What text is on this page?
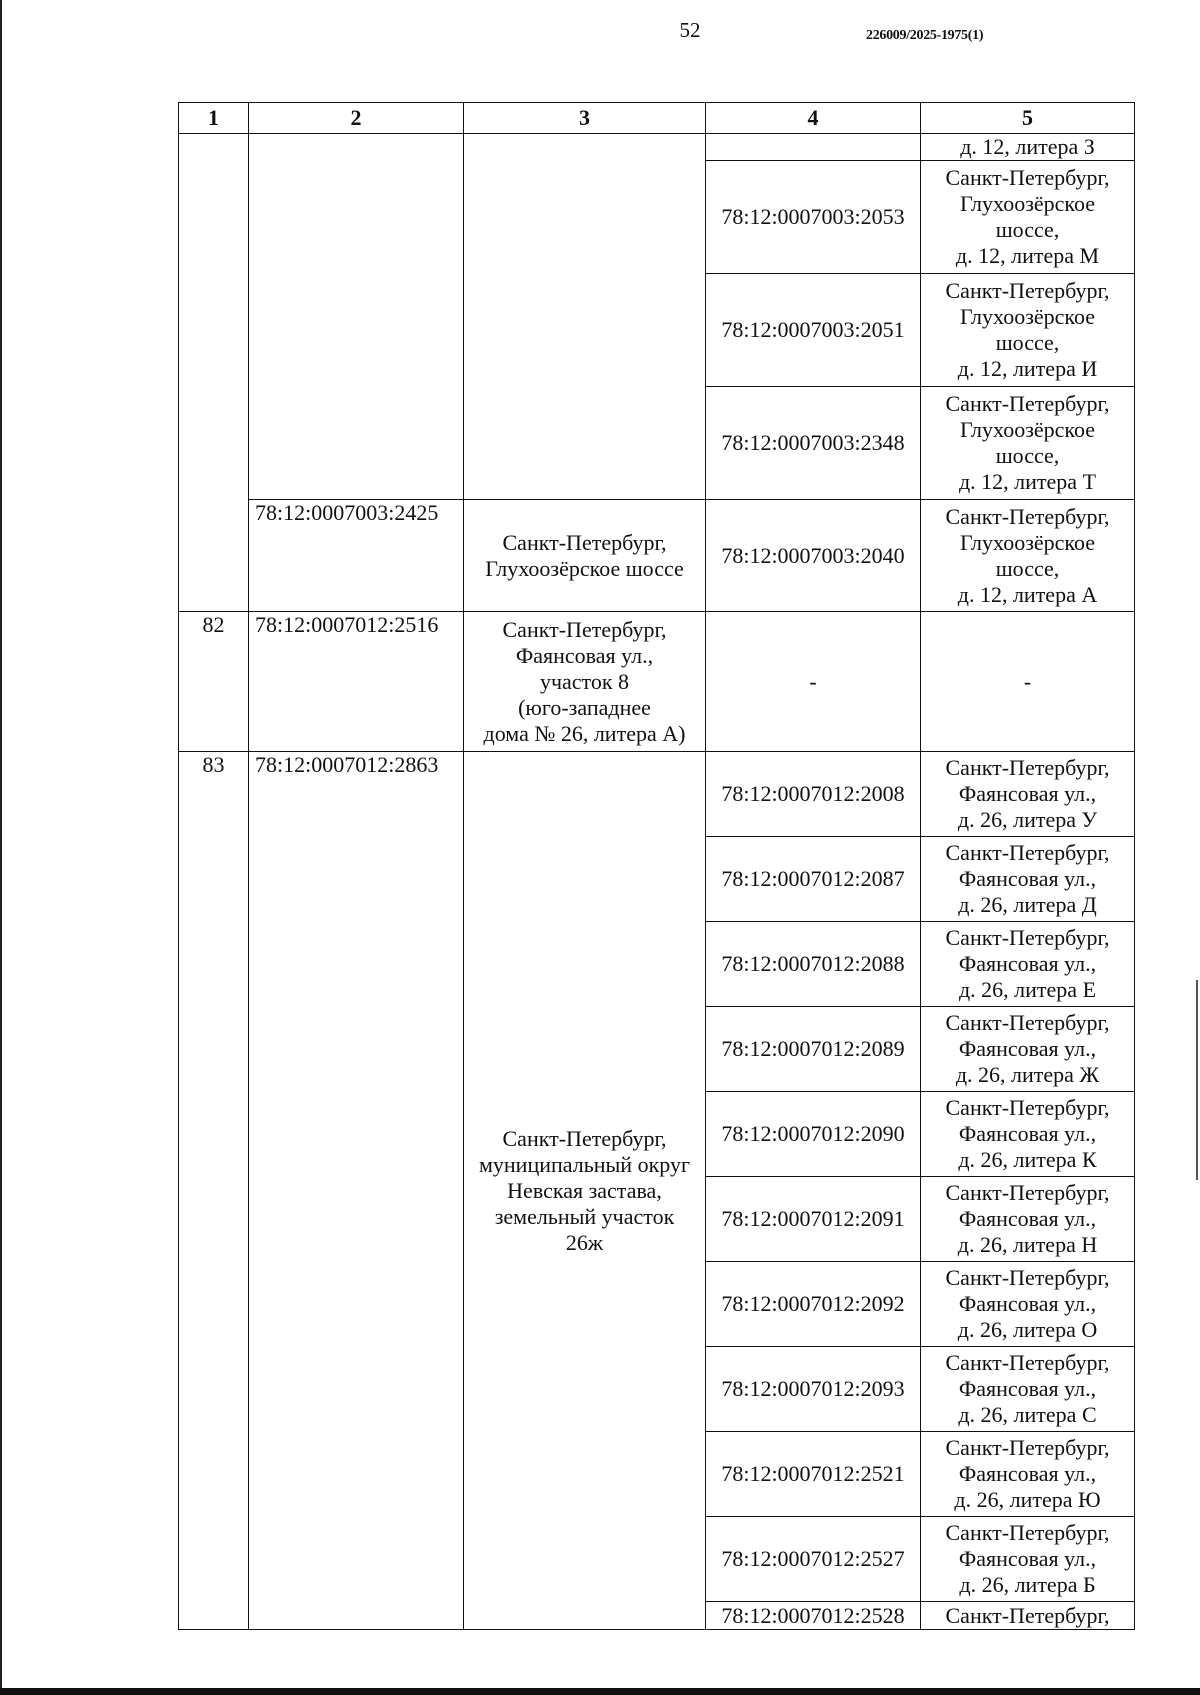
52	226009/2025-1975(1)
1	2	3	4	5
				д. 12, литера З
			78:12:0007003:2053	Санкт-Петербург,
Глухоозёрское
шоссе,
д. 12, литера М
			78:12:0007003:2051	Санкт-Петербург,
Глухоозёрское
шоссе,
д. 12, литера И
			78:12:0007003:2348	Санкт-Петербург,
Глухоозёрское
шоссе,
д. 12, литера Т
	78:12:0007003:2425	Санкт-Петербург,
Глухоозёрское шоссе	78:12:0007003:2040	Санкт-Петербург,
Глухоозёрское
шоссе,
д. 12, литера А
82	78:12:0007012:2516	Санкт-Петербург,
Фаянсовая ул.,
участок 8
(юго-западнее
дома № 26, литера А)	-	-
83	78:12:0007012:2863	Санкт-Петербург,
муниципальный округ
Невская застава,
земельный участок
26ж	78:12:0007012:2008	Санкт-Петербург,
Фаянсовая ул.,
д. 26, литера У
			78:12:0007012:2087	Санкт-Петербург,
Фаянсовая ул.,
д. 26, литера Д
			78:12:0007012:2088	Санкт-Петербург,
Фаянсовая ул.,
д. 26, литера Е
			78:12:0007012:2089	Санкт-Петербург,
Фаянсовая ул.,
д. 26, литера Ж
			78:12:0007012:2090	Санкт-Петербург,
Фаянсовая ул.,
д. 26, литера К
			78:12:0007012:2091	Санкт-Петербург,
Фаянсовая ул.,
д. 26, литера Н
			78:12:0007012:2092	Санкт-Петербург,
Фаянсовая ул.,
д. 26, литера О
			78:12:0007012:2093	Санкт-Петербург,
Фаянсовая ул.,
д. 26, литера С
			78:12:0007012:2521	Санкт-Петербург,
Фаянсовая ул.,
д. 26, литера Ю
			78:12:0007012:2527	Санкт-Петербург,
Фаянсовая ул.,
д. 26, литера Б
			78:12:0007012:2528	Санкт-Петербург,
